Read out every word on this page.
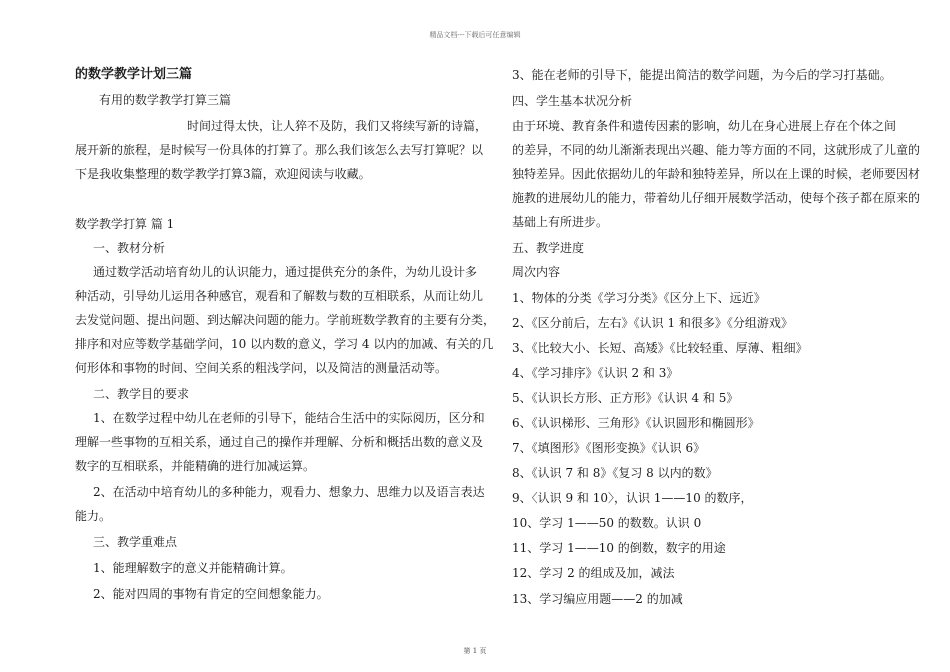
精品文档---下载后可任意编辑
的数学教学计划三篇
有用的数学教学打算三篇
时间过得太快，让人猝不及防，我们又将续写新的诗篇，
展开新的旅程，是时候写一份具体的打算了。那么我们该怎么去写打算呢？以
下是我收集整理的数学教学打算3篇，欢迎阅读与收藏。
数学教学打算 篇 1
一、教材分析
通过数学活动培育幼儿的认识能力，通过提供充分的条件，为幼儿设计多
种活动，引导幼儿运用各种感官，观看和了解数与数的互相联系，从而让幼儿
去发觉问题、提出问题、到达解决问题的能力。学前班数学教育的主要有分类，
排序和对应等数学基础学问，10 以内数的意义，学习 4 以内的加减、有关的几
何形体和事物的时间、空间关系的粗浅学问，以及简洁的测量活动等。
二、教学目的要求
1、在数学过程中幼儿在老师的引导下，能结合生活中的实际阅历，区分和
理解一些事物的互相关系，通过自己的操作并理解、分析和概括出数的意义及
数字的互相联系，并能精确的进行加减运算。
2、在活动中培育幼儿的多种能力，观看力、想象力、思维力以及语言表达
能力。
三、教学重难点
1、能理解数字的意义并能精确计算。
2、能对四周的事物有肯定的空间想象能力。
3、能在老师的引导下，能提出简洁的数学问题，为今后的学习打基础。
四、学生基本状况分析
由于环境、教育条件和遗传因素的影响，幼儿在身心进展上存在个体之间
的差异，不同的幼儿渐渐表现出兴趣、能力等方面的不同，这就形成了儿童的
独特差异。因此依据幼儿的年龄和独特差异，所以在上课的时候，老师要因材
施教的进展幼儿的能力，带着幼儿仔细开展数学活动，使每个孩子都在原来的
基础上有所进步。
五、教学进度
周次内容
1、物体的分类《学习分类》《区分上下、远近》
2、《区分前后，左右》《认识 1 和很多》《分组游戏》
3、《比较大小、长短、高矮》《比较轻重、厚薄、粗细》
4、《学习排序》《认识 2 和 3》
5、《认识长方形、正方形》《认识 4 和 5》
6、《认识梯形、三角形》《认识圆形和椭圆形》
7、《填图形》《图形变换》《认识 6》
8、《认识 7 和 8》《复习 8 以内的数》
9、〈认识 9 和 10〉，认识 1——10 的数序，
10、学习 1——50 的数数。认识 0
11、学习 1——10 的倒数，数字的用途
12、学习 2 的组成及加，减法
13、学习编应用题——2 的加减
第 1 页
